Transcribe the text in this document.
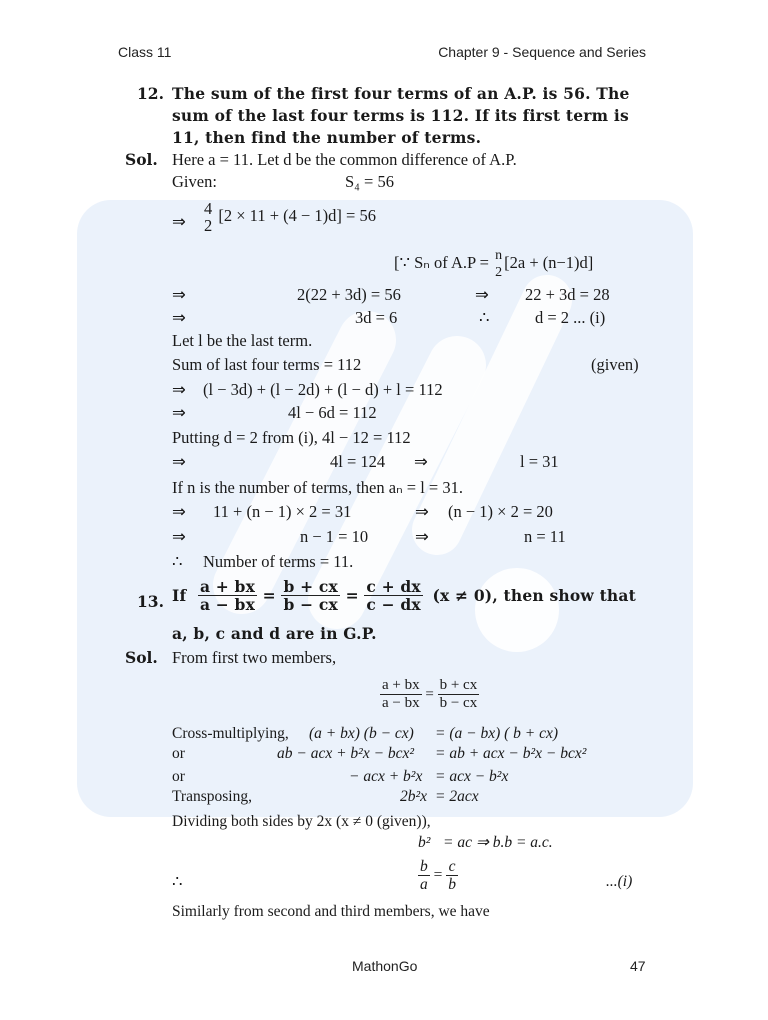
Class 11	Chapter 9 - Sequence and Series
12. The sum of the first four terms of an A.P. is 56. The
sum of the last four terms is 112. If its first term is
11, then find the number of terms.
Sol. Here a = 11. Let d be the common difference of A.P.
Given:	S₄ = 56
⇒
4
2
[2 × 11 + (4 − 1)d] = 56
[∵ Sₙ of A.P = n
2
[2a + (n−1)d]
⇒	2(22 + 3d) = 56	⇒ 22 + 3d = 28
⇒	3d = 6	∴	d = 2 ... (i)
Let l be the last term.
Sum of last four terms = 112	(given)
⇒ (l − 3d) + (l − 2d) + (l − d) + l = 112
⇒	4l − 6d = 112
Putting d = 2 from (i), 4l − 12 = 112
⇒	4l = 124 ⇒	l = 31
If n is the number of terms, then aₙ = l = 31.
⇒ 11 + (n − 1) × 2 = 31	⇒ (n − 1) × 2 = 20
⇒	n − 1 = 10	⇒	n = 11
∴ Number of terms = 11.
13. If $\frac{a + bx}{a - bx} = \frac{b + cx}{b - cx} = \frac{c + dx}{c - dx} (x \ne 0)$, then show that
a, b, c and d are in G.P.
Sol. From first two members,
$\frac{a + bx}{a - bx} = \frac{b + cx}{b - cx}$
Cross-multiplying, (a + bx) (b − cx) = (a − bx) ( b + cx)
or	ab − acx + b²x − bcx² = ab + acx − b²x − bcx²
or	− acx + b²x = acx − b²x
Transposing,	2b²x = 2acx
Dividing both sides by 2x (x ≠ 0 (given)),
b² = ac ⇒ b.b = a.c.
∴	$\frac{b}{a} = \frac{c}{b}$	...(i)
Similarly from second and third members, we have
MathonGo	47
